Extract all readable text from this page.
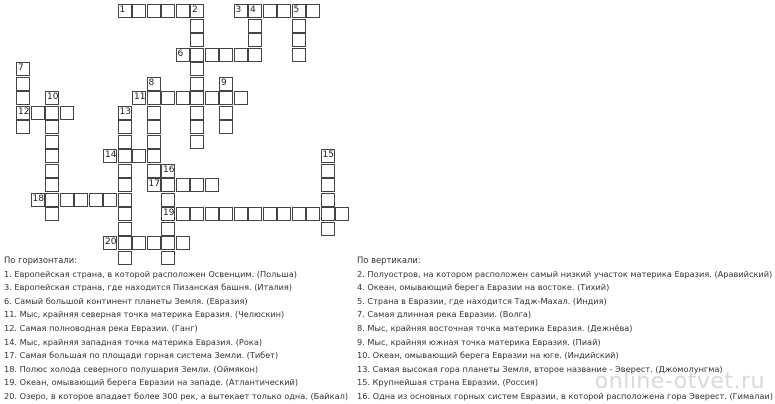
1	3	5
4
2
6
7
8	9
10	11
12	13
14	15
16
17
18
19
20
По горизонтали:
1. Европейская страна, в которой расположен Освенцим. (Польша)
3. Европейская страна, где находится Пизанская башня. (Италия)
6. Самый большой континент планеты Земля. (Евразия)
11. Мыс, крайняя северная точка материка Евразия. (Челюскин)
12. Самая полноводная река Евразии. (Ганг)
14. Мыс, крайняя западная точка материка Евразия. (Рока)
17. Самая большая по площади горная система Земли. (Тибет)
18. Полюс холода северного полушария Земли. (Оймякон)
19. Океан, омывающий берега Евразии на западе. (Атлантический)
20. Озеро, в которое впадает более 300 рек, а вытекает только одна. (Байкал)
По вертикали:
2. Полуостров, на котором расположен самый низкий участок материка Евразия. (Аравийский)
4. Океан, омывающий берега Евразии на востоке. (Тихий)
5. Страна в Евразии, где находится Тадж-Махал. (Индия)
7. Самая длинная река Евразии. (Волга)
8. Мыс, крайняя восточная точка материка Евразия. (Дежнёва)
9. Мыс, крайняя южная точка материка Евразия. (Пиай)
10. Океан, омывающий берега Евразии на юге. (Индийский)
13. Самая высокая гора планеты Земля, второе название - Эверест. (Джомолунгма)
15. Крупнейшая страна Евразии. (Россия)
16. Одна из основных горных систем Евразии, в которой расположена гора Эверест. (Гималаи)
online-otvet.ru
